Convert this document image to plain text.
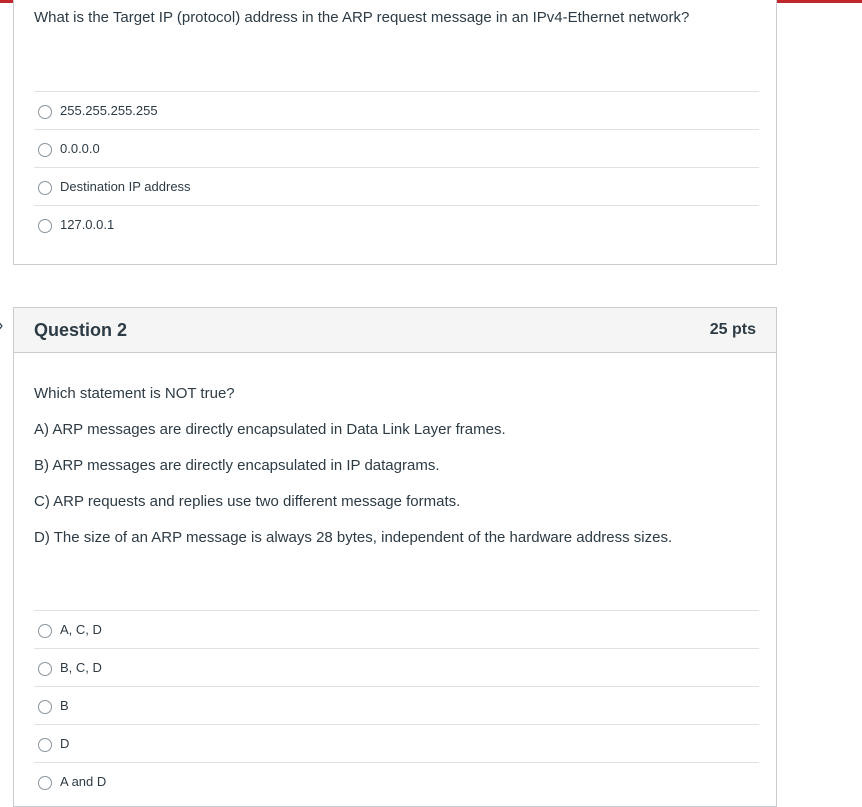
What is the Target IP (protocol) address in the ARP request message in an IPv4-Ethernet network?
255.255.255.255
0.0.0.0
Destination IP address
127.0.0.1
Question 2	25 pts
Which statement is NOT true?
A) ARP messages are directly encapsulated in Data Link Layer frames.
B) ARP messages are directly encapsulated in IP datagrams.
C) ARP requests and replies use two different message formats.
D) The size of an ARP message is always 28 bytes, independent of the hardware address sizes.
A, C, D
B, C, D
B
D
A and D
